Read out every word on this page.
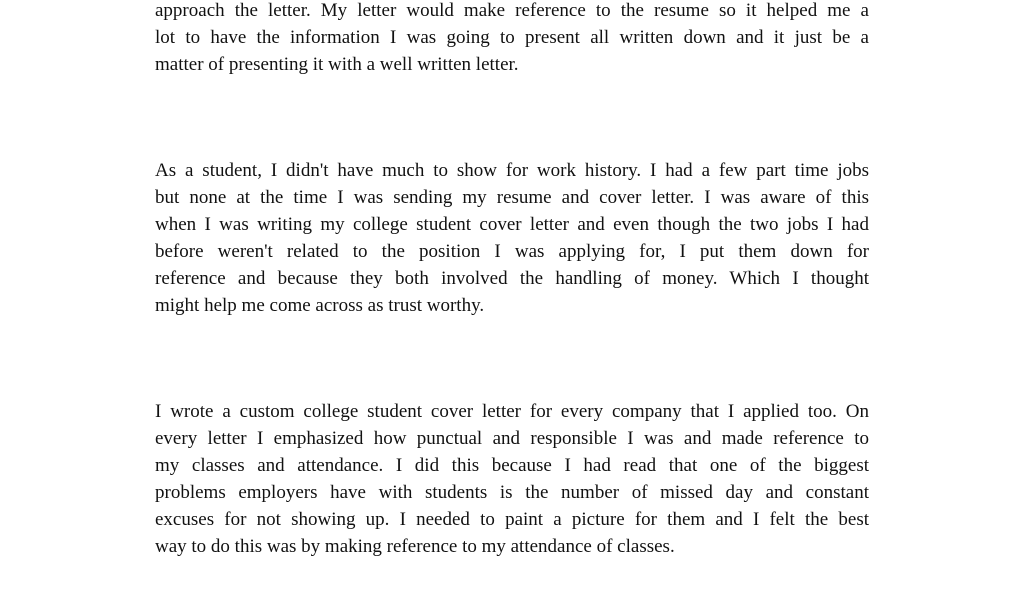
approach the letter. My letter would make reference to the resume so it helped me a
lot to have the information I was going to present all written down and it just be a
matter of presenting it with a well written letter.
As a student, I didn't have much to show for work history. I had a few part time jobs
but none at the time I was sending my resume and cover letter. I was aware of this
when I was writing my college student cover letter and even though the two jobs I had
before weren't related to the position I was applying for, I put them down for
reference and because they both involved the handling of money. Which I thought
might help me come across as trust worthy.
I wrote a custom college student cover letter for every company that I applied too. On
every letter I emphasized how punctual and responsible I was and made reference to
my classes and attendance. I did this because I had read that one of the biggest
problems employers have with students is the number of missed day and constant
excuses for not showing up. I needed to paint a picture for them and I felt the best
way to do this was by making reference to my attendance of classes.
